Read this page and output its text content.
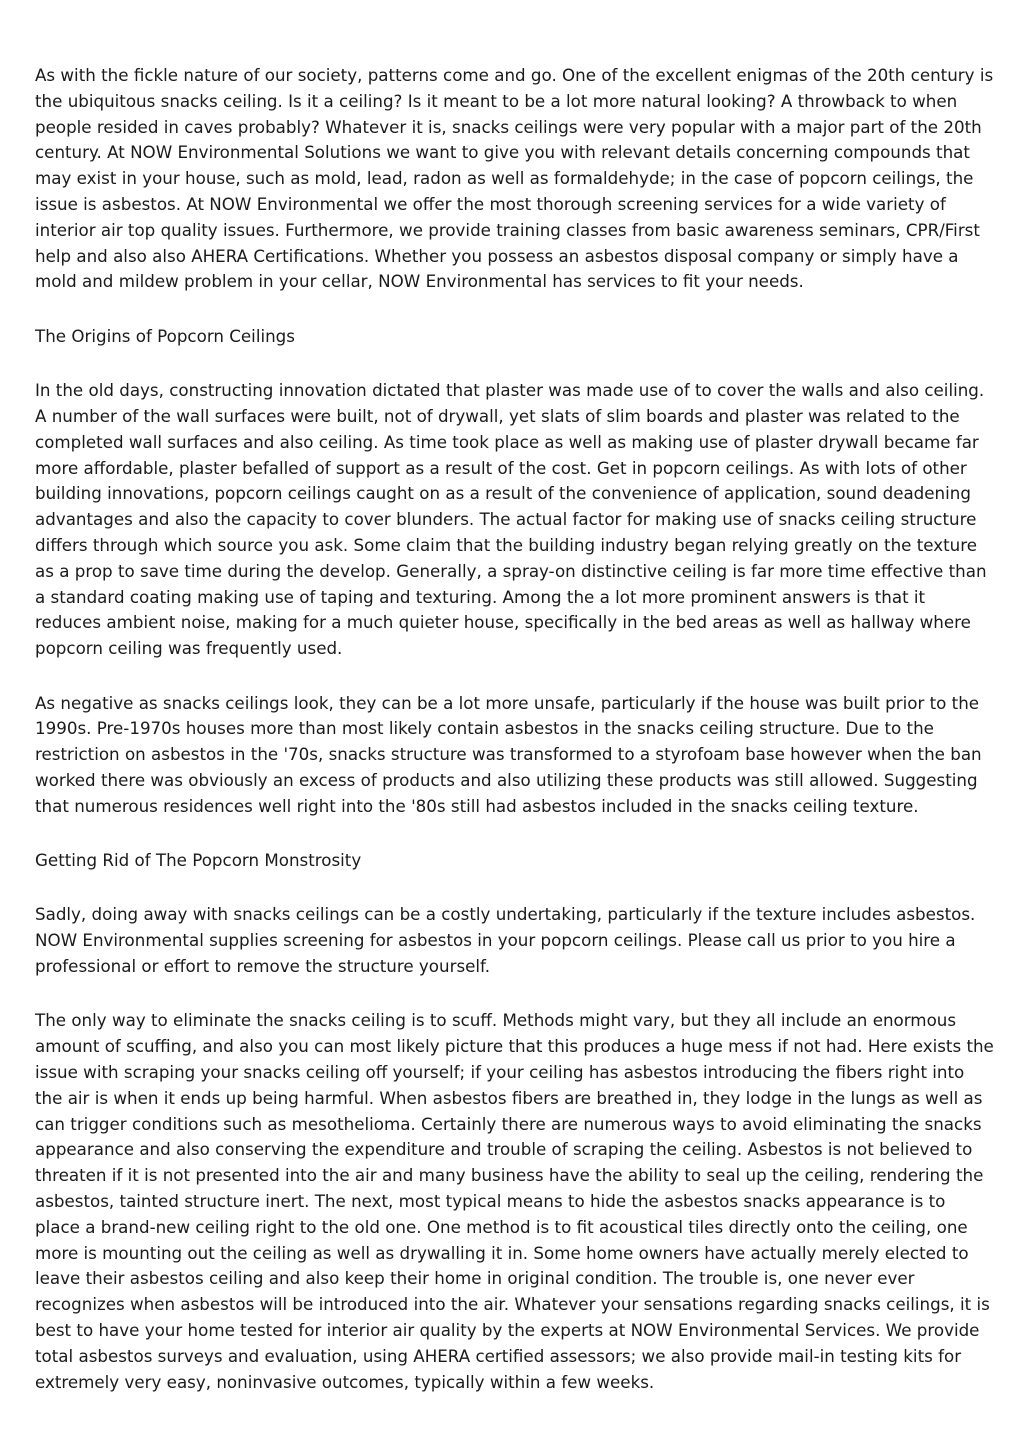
As with the fickle nature of our society, patterns come and go. One of the excellent enigmas of the 20th century is the ubiquitous snacks ceiling. Is it a ceiling? Is it meant to be a lot more natural looking? A throwback to when people resided in caves probably? Whatever it is, snacks ceilings were very popular with a major part of the 20th century. At NOW Environmental Solutions we want to give you with relevant details concerning compounds that may exist in your house, such as mold, lead, radon as well as formaldehyde; in the case of popcorn ceilings, the issue is asbestos. At NOW Environmental we offer the most thorough screening services for a wide variety of interior air top quality issues. Furthermore, we provide training classes from basic awareness seminars, CPR/First help and also also AHERA Certifications. Whether you possess an asbestos disposal company or simply have a mold and mildew problem in your cellar, NOW Environmental has services to fit your needs.

The Origins of Popcorn Ceilings

In the old days, constructing innovation dictated that plaster was made use of to cover the walls and also ceiling. A number of the wall surfaces were built, not of drywall, yet slats of slim boards and plaster was related to the completed wall surfaces and also ceiling. As time took place as well as making use of plaster drywall became far more affordable, plaster befalled of support as a result of the cost. Get in popcorn ceilings. As with lots of other building innovations, popcorn ceilings caught on as a result of the convenience of application, sound deadening advantages and also the capacity to cover blunders. The actual factor for making use of snacks ceiling structure differs through which source you ask. Some claim that the building industry began relying greatly on the texture as a prop to save time during the develop. Generally, a spray-on distinctive ceiling is far more time effective than a standard coating making use of taping and texturing. Among the a lot more prominent answers is that it reduces ambient noise, making for a much quieter house, specifically in the bed areas as well as hallway where popcorn ceiling was frequently used.

As negative as snacks ceilings look, they can be a lot more unsafe, particularly if the house was built prior to the 1990s. Pre-1970s houses more than most likely contain asbestos in the snacks ceiling structure. Due to the restriction on asbestos in the '70s, snacks structure was transformed to a styrofoam base however when the ban worked there was obviously an excess of products and also utilizing these products was still allowed. Suggesting that numerous residences well right into the '80s still had asbestos included in the snacks ceiling texture.

Getting Rid of The Popcorn Monstrosity

Sadly, doing away with snacks ceilings can be a costly undertaking, particularly if the texture includes asbestos. NOW Environmental supplies screening for asbestos in your popcorn ceilings. Please call us prior to you hire a professional or effort to remove the structure yourself.

The only way to eliminate the snacks ceiling is to scuff. Methods might vary, but they all include an enormous amount of scuffing, and also you can most likely picture that this produces a huge mess if not had. Here exists the issue with scraping your snacks ceiling off yourself; if your ceiling has asbestos introducing the fibers right into the air is when it ends up being harmful. When asbestos fibers are breathed in, they lodge in the lungs as well as can trigger conditions such as mesothelioma. Certainly there are numerous ways to avoid eliminating the snacks appearance and also conserving the expenditure and trouble of scraping the ceiling. Asbestos is not believed to threaten if it is not presented into the air and many business have the ability to seal up the ceiling, rendering the asbestos, tainted structure inert. The next, most typical means to hide the asbestos snacks appearance is to place a brand-new ceiling right to the old one. One method is to fit acoustical tiles directly onto the ceiling, one more is mounting out the ceiling as well as drywalling it in. Some home owners have actually merely elected to leave their asbestos ceiling and also keep their home in original condition. The trouble is, one never ever recognizes when asbestos will be introduced into the air. Whatever your sensations regarding snacks ceilings, it is best to have your home tested for interior air quality by the experts at NOW Environmental Services. We provide total asbestos surveys and evaluation, using AHERA certified assessors; we also provide mail-in testing kits for extremely very easy, noninvasive outcomes, typically within a few weeks.
